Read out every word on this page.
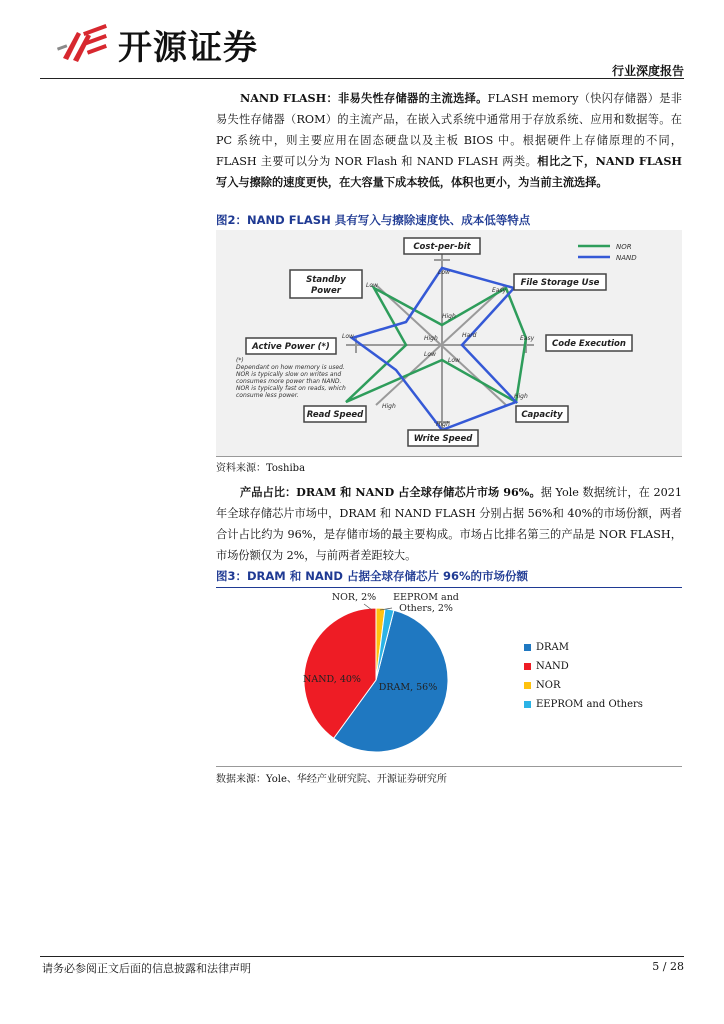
开源证券
行业深度报告
NAND FLASH：非易失性存储器的主流选择。FLASH memory（快闪存储器）是非易失性存储器（ROM）的主流产品，在嵌入式系统中通常用于存放系统、应用和数据等。在 PC 系统中，则主要应用在固态硬盘以及主板 BIOS 中。根据硬件上存储原理的不同，FLASH 主要可以分为 NOR Flash 和 NAND FLASH 两类。相比之下，NAND FLASH 写入与擦除的速度更快，在大容量下成本较低，体积也更小，为当前主流选择。
图2：NAND FLASH 具有写入与擦除速度快、成本低等特点
Cost-per-bit
File Storage Use
Code Execution
Capacity
Write Speed
Read Speed
Active Power (*)
Standby
Power
Low
Easy
Easy
High
High
High
Low
Low
High
Hard
Low
Low
High
NOR
NAND
(*)
Dependant on how memory is used.
NOR is typically slow on writes and
consumes more power than NAND.
NOR is typically fast on reads, which
consume less power.
资料来源：Toshiba
产品占比：DRAM 和 NAND 占全球存储芯片市场 96%。据 Yole 数据统计，在 2021 年全球存储芯片市场中，DRAM 和 NAND FLASH 分别占据 56%和 40%的市场份额，两者合计占比约为 96%，是存储市场的最主要构成。市场占比排名第三的产品是 NOR FLASH，市场份额仅为 2%，与前两者差距较大。
图3：DRAM 和 NAND 占据全球存储芯片 96%的市场份额
DRAM, 56%
NAND, 40%
NOR, 2% EEPROM and
Others, 2%
DRAM
NAND
NOR
EEPROM and Others
数据来源：Yole、华经产业研究院、开源证券研究所
请务必参阅正文后面的信息披露和法律声明	5 / 28
